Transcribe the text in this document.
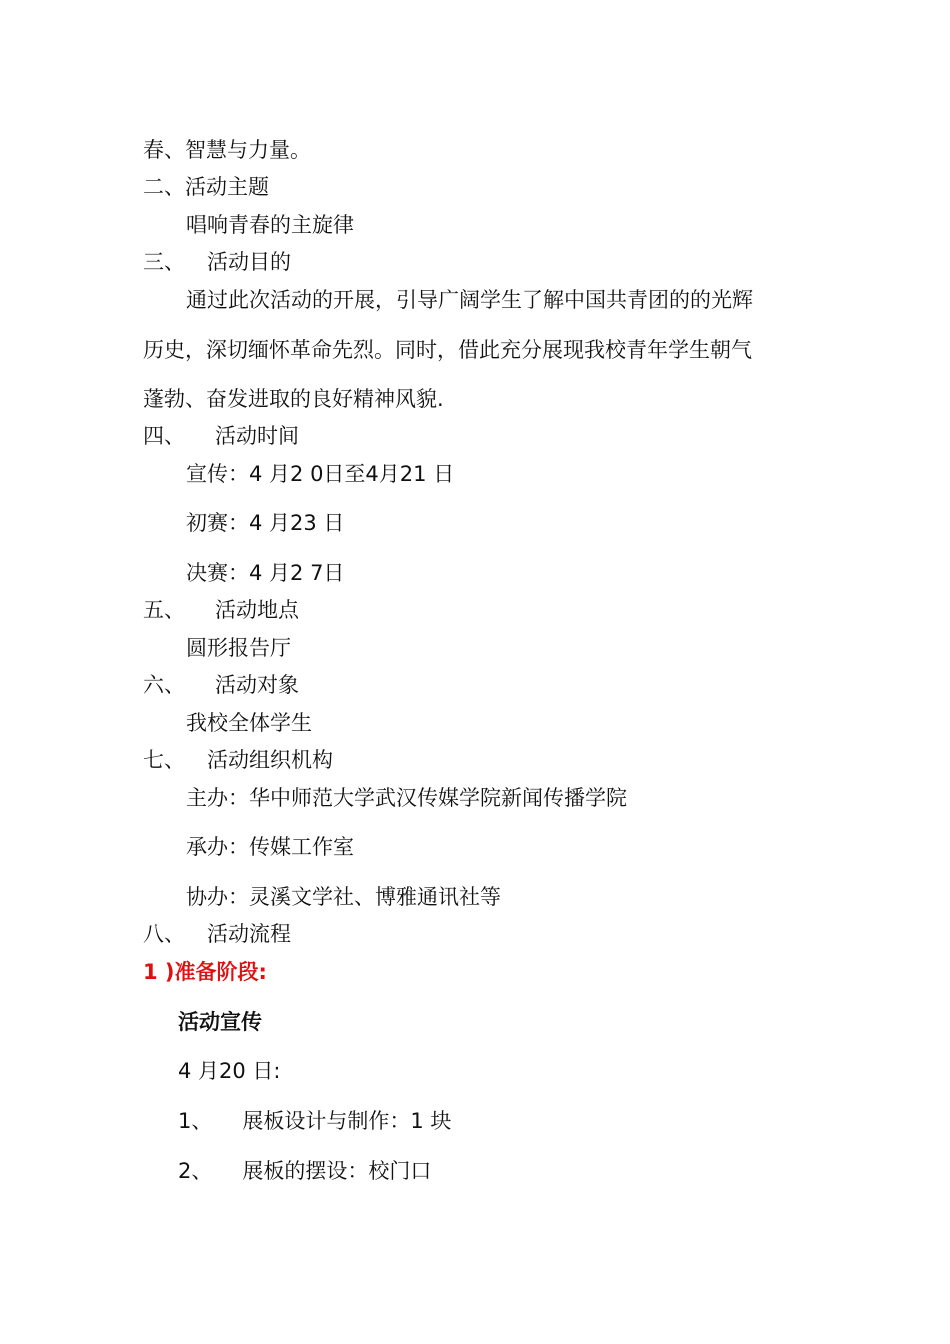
春、智慧与力量。
二、活动主题
唱响青春的主旋律
三、 活动目的
通过此次活动的开展，引导广阔学生了解中国共青团的的光辉
历史，深切缅怀革命先烈。同时，借此充分展现我校青年学生朝气
蓬勃、奋发进取的良好精神风貌.
四、 活动时间
宣传：4 月2 0日至4月21 日
初赛：4 月23 日
决赛：4 月2 7日
五、 活动地点
圆形报告厅
六、 活动对象
我校全体学生
七、 活动组织机构
主办：华中师范大学武汉传媒学院新闻传播学院
承办：传媒工作室
协办：灵溪文学社、博雅通讯社等
八、 活动流程
1 )准备阶段:
活动宣传
4 月20 日:
1、 展板设计与制作：1 块
2、 展板的摆设：校门口
